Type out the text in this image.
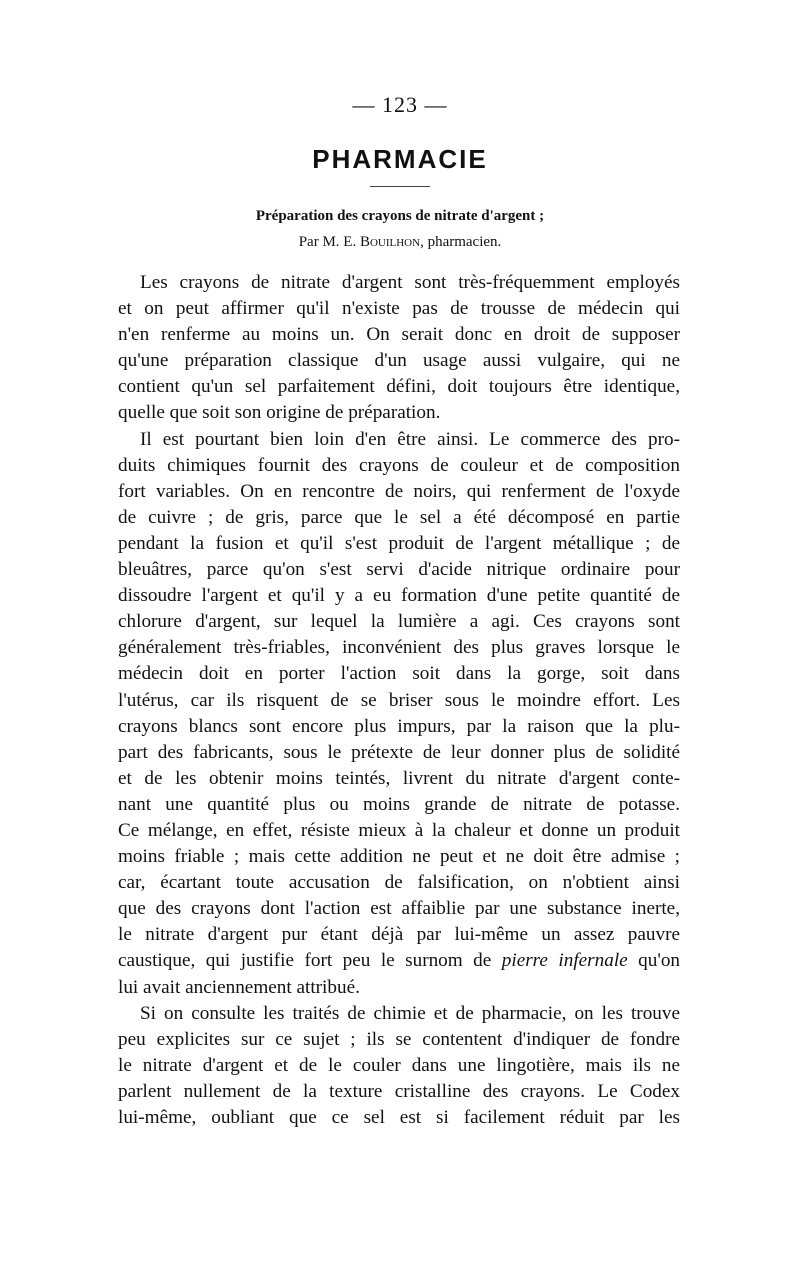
— 123 —
PHARMACIE
Préparation des crayons de nitrate d'argent ;
Par M. E. Bouilhon, pharmacien.

Les crayons de nitrate d'argent sont très-fréquemment employés
et on peut affirmer qu'il n'existe pas de trousse de médecin qui
n'en renferme au moins un. On serait donc en droit de supposer
qu'une préparation classique d'un usage aussi vulgaire, qui ne
contient qu'un sel parfaitement défini, doit toujours être identique,
quelle que soit son origine de préparation.

Il est pourtant bien loin d'en être ainsi. Le commerce des pro-
duits chimiques fournit des crayons de couleur et de composition
fort variables. On en rencontre de noirs, qui renferment de l'oxyde
de cuivre ; de gris, parce que le sel a été décomposé en partie
pendant la fusion et qu'il s'est produit de l'argent métallique ; de
bleuâtres, parce qu'on s'est servi d'acide nitrique ordinaire pour
dissoudre l'argent et qu'il y a eu formation d'une petite quantité de
chlorure d'argent, sur lequel la lumière a agi. Ces crayons sont
généralement très-friables, inconvénient des plus graves lorsque le
médecin doit en porter l'action soit dans la gorge, soit dans
l'utérus, car ils risquent de se briser sous le moindre effort. Les
crayons blancs sont encore plus impurs, par la raison que la plu-
part des fabricants, sous le prétexte de leur donner plus de solidité
et de les obtenir moins teintés, livrent du nitrate d'argent conte-
nant une quantité plus ou moins grande de nitrate de potasse.
Ce mélange, en effet, résiste mieux à la chaleur et donne un produit
moins friable ; mais cette addition ne peut et ne doit être admise ;
car, écartant toute accusation de falsification, on n'obtient ainsi
que des crayons dont l'action est affaiblie par une substance inerte,
le nitrate d'argent pur étant déjà par lui-même un assez pauvre
caustique, qui justifie fort peu le surnom de pierre infernale qu'on
lui avait anciennement attribué.

Si on consulte les traités de chimie et de pharmacie, on les trouve
peu explicites sur ce sujet ; ils se contentent d'indiquer de fondre
le nitrate d'argent et de le couler dans une lingotière, mais ils ne
parlent nullement de la texture cristalline des crayons. Le Codex
lui-même, oubliant que ce sel est si facilement réduit par les
